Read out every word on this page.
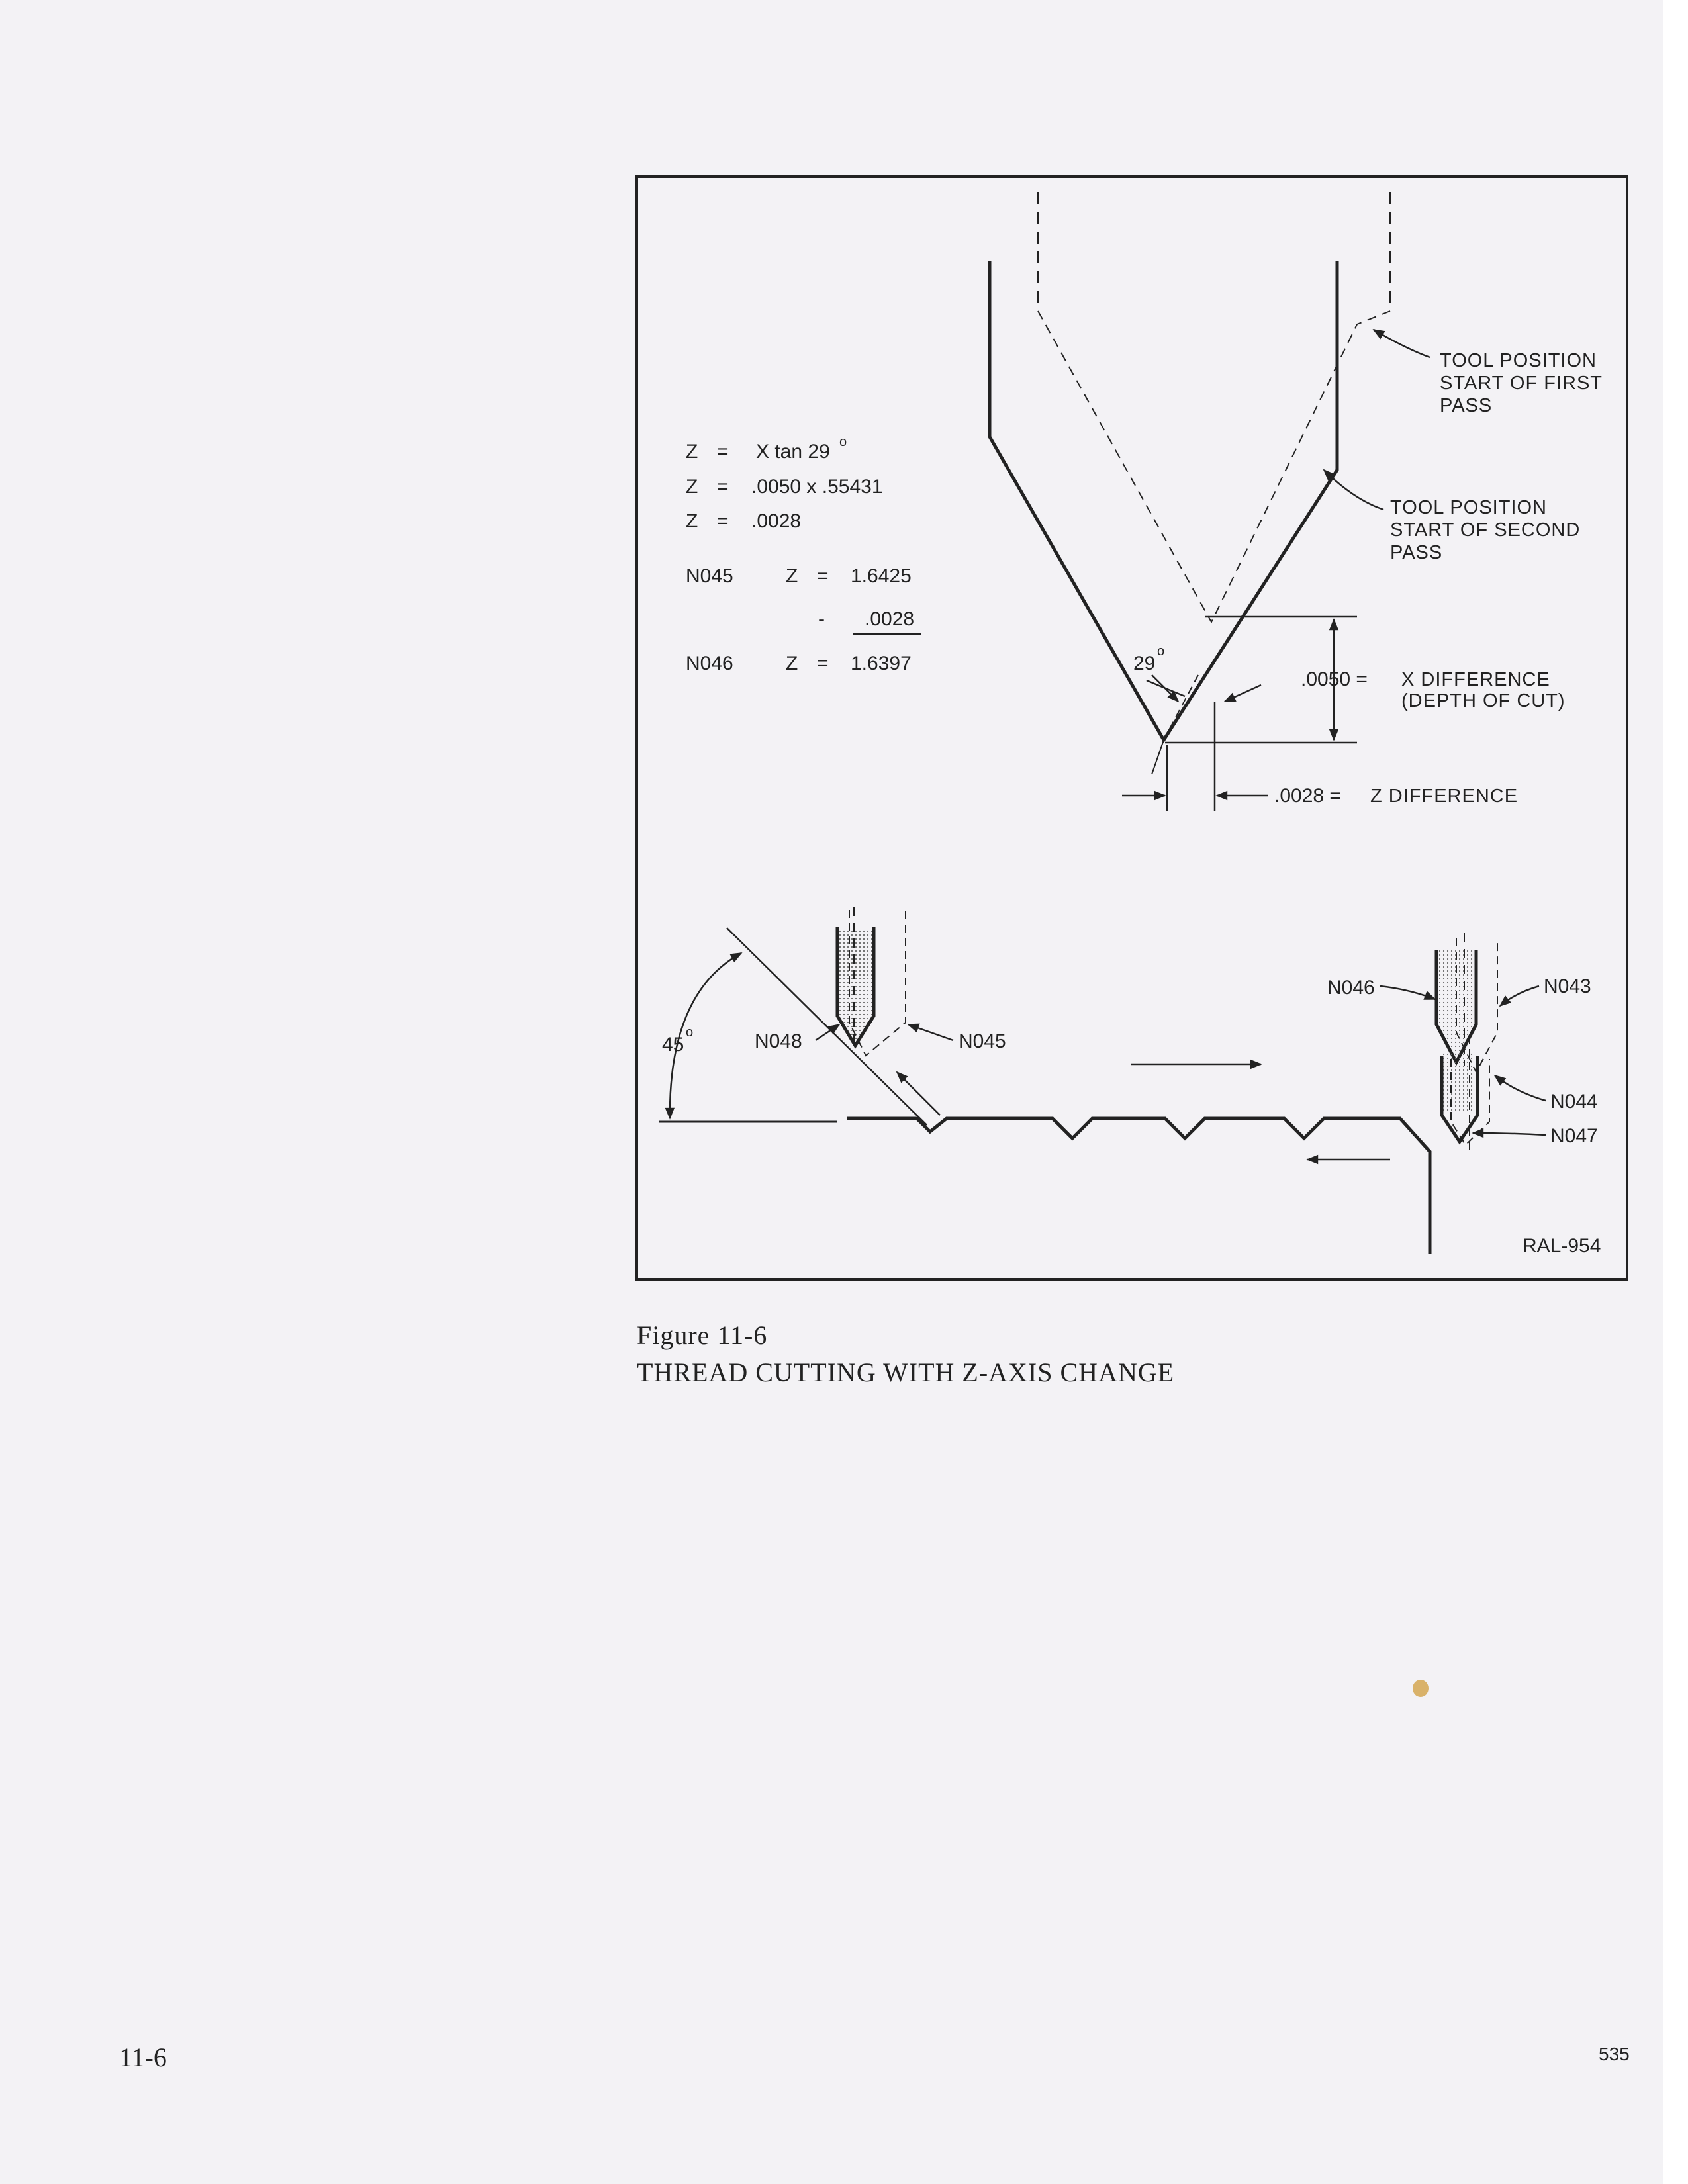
Z = X tan 29 o
Z = .0050 x .55431
Z = .0028
N045	Z = 1.6425
- .0028
N046	Z = 1.6397
TOOL POSITION
START OF FIRST
PASS
TOOL POSITION
START OF SECOND
PASS
29
o
.0050 = X DIFFERENCE
(DEPTH OF CUT)
.0028 = Z DIFFERENCE
45
o	N048	N045
N046	N043
N044
N047
RAL-954
Figure 11-6
THREAD CUTTING WITH Z-AXIS CHANGE
11-6	535
